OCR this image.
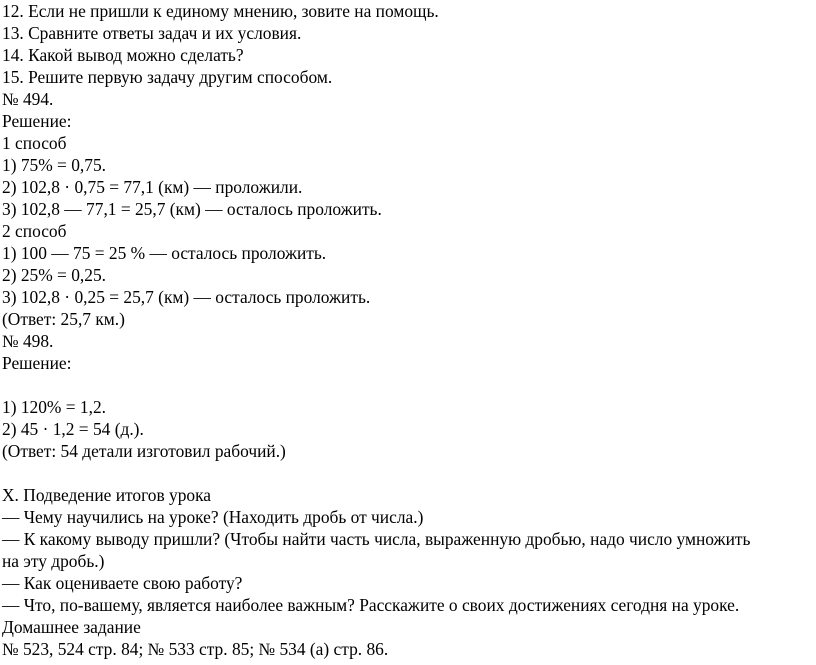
12. Если не пришли к единому мнению, зовите на помощь.
13. Сравните ответы задач и их условия.
14. Какой вывод можно сделать?
15. Решите первую задачу другим способом.
№ 494.
Решение:
1 способ
1) 75% = 0,75.
2) 102,8 · 0,75 = 77,1 (км) — проложили.
3) 102,8 — 77,1 = 25,7 (км) — осталось проложить.
2 способ
1) 100 — 75 = 25 % — осталось проложить.
2) 25% = 0,25.
3) 102,8 · 0,25 = 25,7 (км) — осталось проложить.
(Ответ: 25,7 км.)
№ 498.
Решение:
1) 120% = 1,2.
2) 45 · 1,2 = 54 (д.).
(Ответ: 54 детали изготовил рабочий.)
X. Подведение итогов урока
— Чему научились на уроке? (Находить дробь от числа.)
— К какому выводу пришли? (Чтобы найти часть числа, выраженную дробью, надо число умножить
на эту дробь.)
— Как оцениваете свою работу?
— Что, по-вашему, является наиболее важным? Расскажите о своих достижениях сегодня на уроке.
Домашнее задание
№ 523, 524 стр. 84; № 533 стр. 85; № 534 (а) стр. 86.
